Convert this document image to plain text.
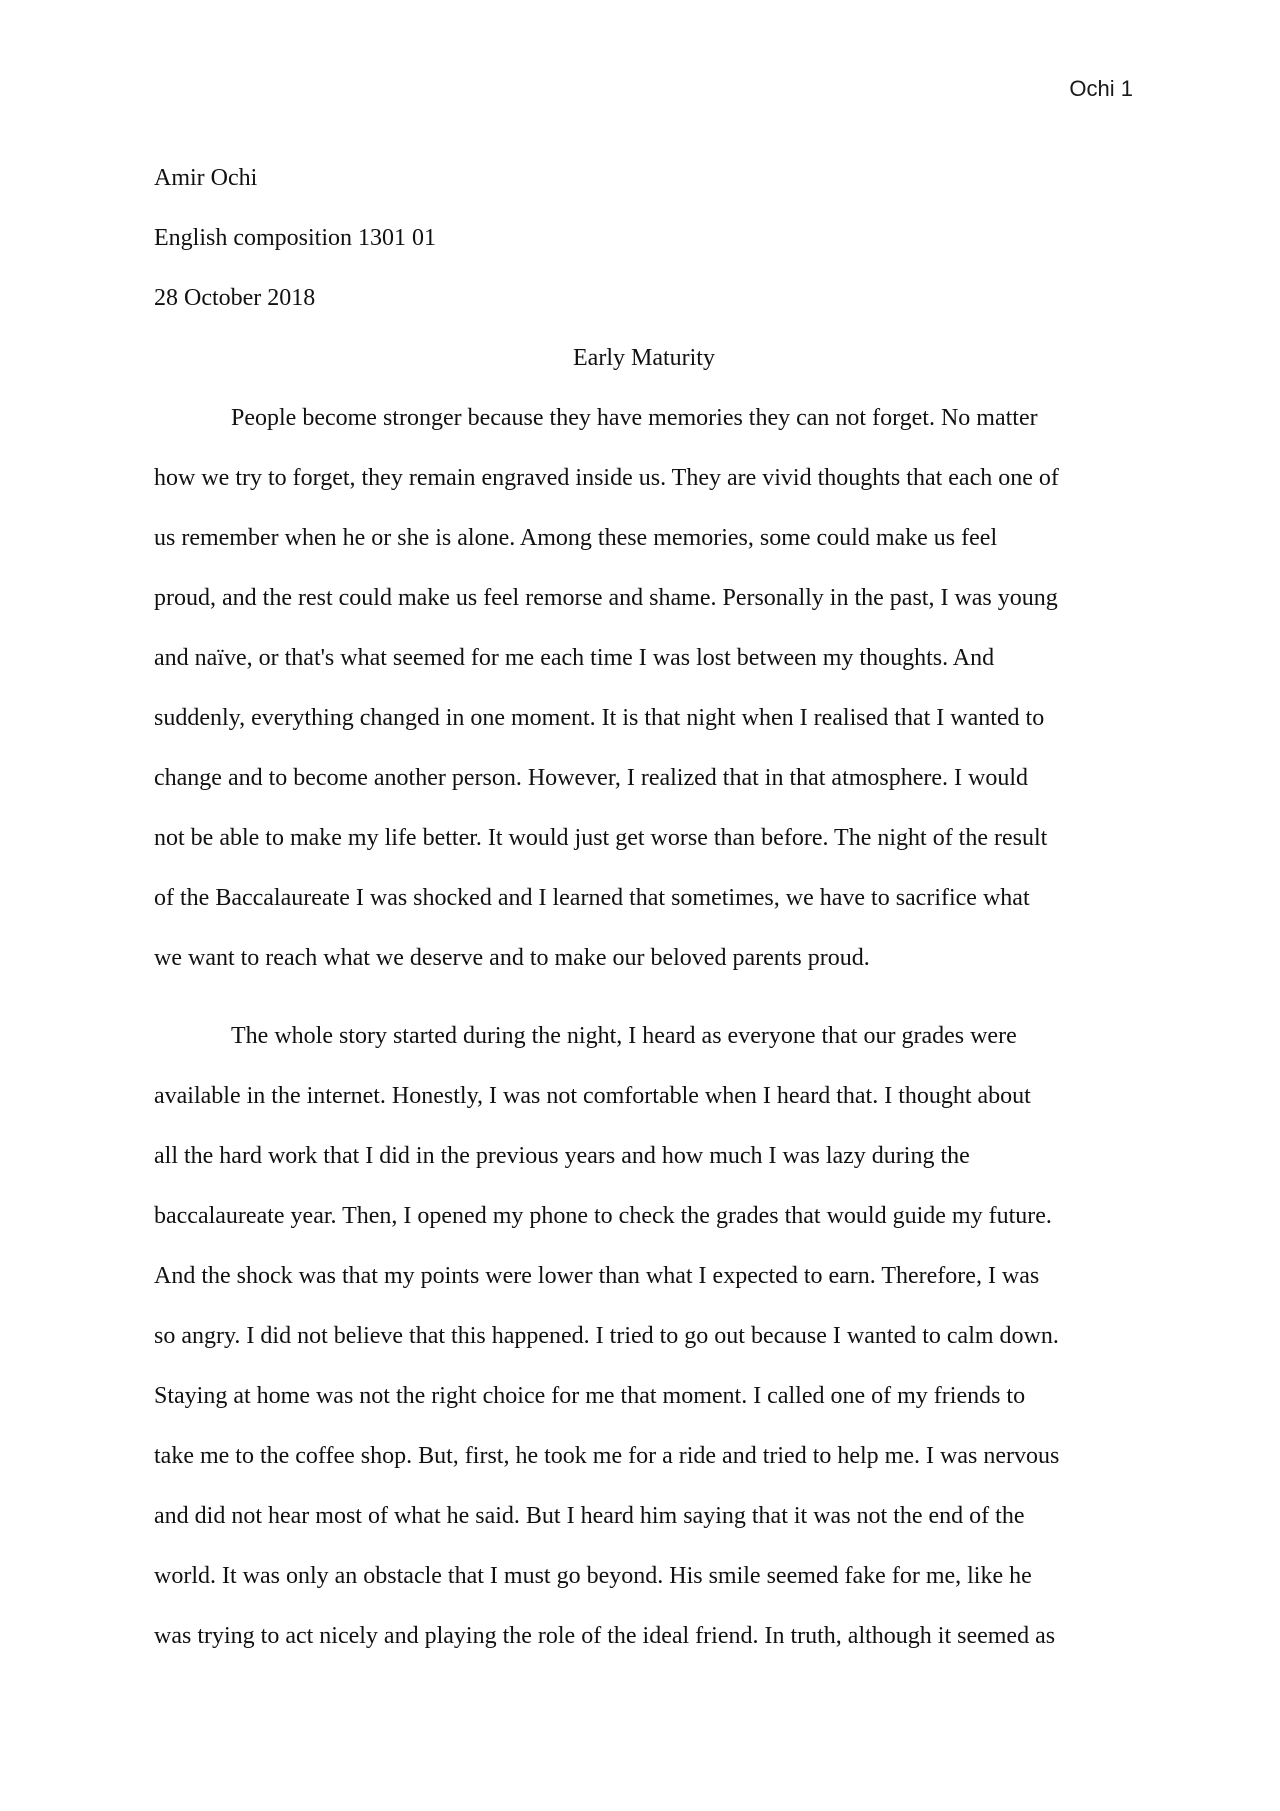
Ochi 1

Amir Ochi

English composition 1301 01

28 October 2018

Early Maturity

People become stronger because they have memories they can not forget. No matter
how we try to forget, they remain engraved inside us. They are vivid thoughts that each one of
us remember when he or she is alone. Among these memories, some could make us feel
proud, and the rest could make us feel remorse and shame. Personally in the past, I was young
and naïve, or that's what seemed for me each time I was lost between my thoughts. And
suddenly, everything changed in one moment. It is that night when I realised that I wanted to
change and to become another person. However, I realized that in that atmosphere. I would
not be able to make my life better. It would just get worse than before. The night of the result
of the Baccalaureate I was shocked and I learned that sometimes, we have to sacrifice what
we want to reach what we deserve and to make our beloved parents proud.
The whole story started during the night, I heard as everyone that our grades were
available in the internet. Honestly, I was not comfortable when I heard that. I thought about
all the hard work that I did in the previous years and how much I was lazy during the
baccalaureate year. Then, I opened my phone to check the grades that would guide my future.
And the shock was that my points were lower than what I expected to earn. Therefore, I was
so angry. I did not believe that this happened. I tried to go out because I wanted to calm down.
Staying at home was not the right choice for me that moment. I called one of my friends to
take me to the coffee shop. But, first, he took me for a ride and tried to help me. I was nervous
and did not hear most of what he said. But I heard him saying that it was not the end of the
world. It was only an obstacle that I must go beyond. His smile seemed fake for me, like he
was trying to act nicely and playing the role of the ideal friend. In truth, although it seemed as
